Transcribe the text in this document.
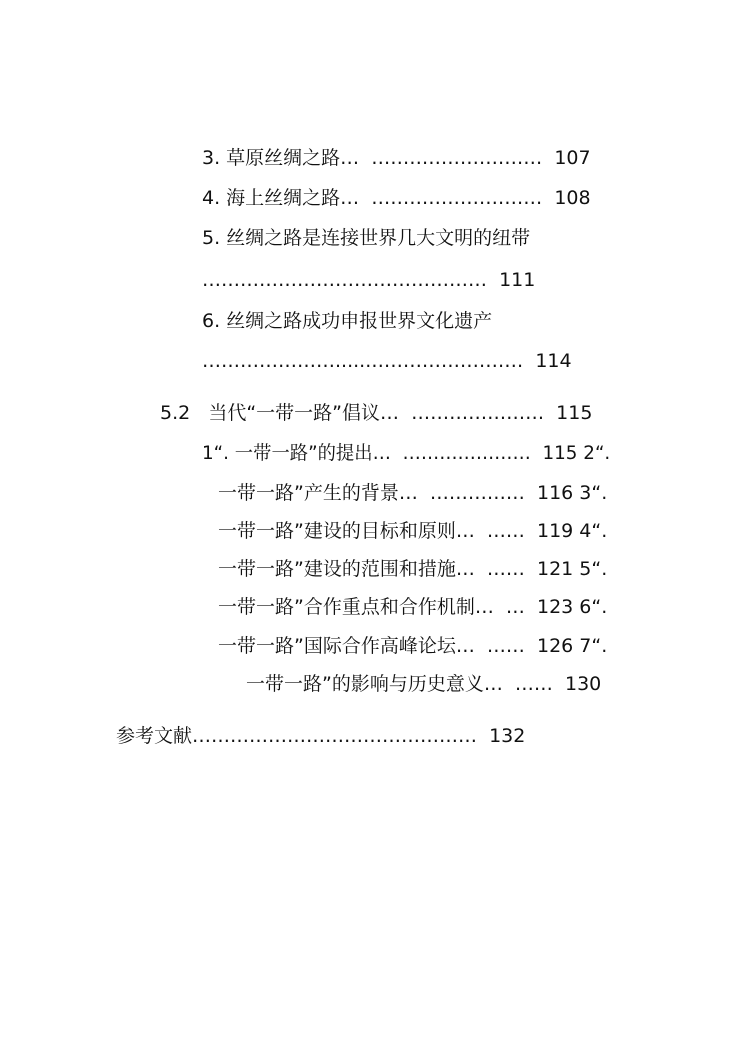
3. 草原丝绸之路…  ………………………  107
4. 海上丝绸之路…  ………………………  108
5. 丝绸之路是连接世界几大文明的纽带
………………………………………  111
6. 丝绸之路成功申报世界文化遗产
…………………......……………………  114
5.2   当代“一带一路”倡议…  …………………  115
1“. 一带一路”的提出…  …………………  115 2“.
一带一路”产生的背景…  ……………  116 3“.
一带一路”建设的目标和原则…  ……  119 4“.
一带一路”建设的范围和措施…  ……  121 5“.
一带一路”合作重点和合作机制…  …  123 6“.
一带一路”国际合作高峰论坛…  ……  126 7“.
一带一路”的影响与历史意义…  ……  130
参考文献………………………………………  132
